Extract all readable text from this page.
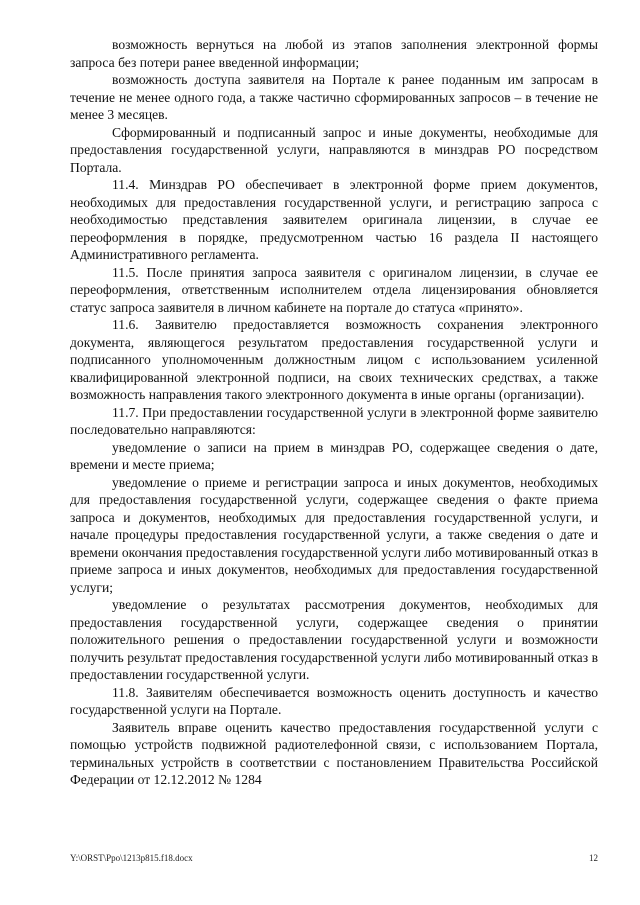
возможность вернуться на любой из этапов заполнения электронной формы запроса без потери ранее введенной информации;

возможность доступа заявителя на Портале к ранее поданным им запросам в течение не менее одного года, а также частично сформированных запросов – в течение не менее 3 месяцев.

Сформированный и подписанный запрос и иные документы, необходимые для предоставления государственной услуги, направляются в минздрав РО посредством Портала.

11.4. Минздрав РО обеспечивает в электронной форме прием документов, необходимых для предоставления государственной услуги, и регистрацию запроса с необходимостью представления заявителем оригинала лицензии, в случае ее переоформления в порядке, предусмотренном частью 16 раздела II настоящего Административного регламента.

11.5. После принятия запроса заявителя с оригиналом лицензии, в случае ее переоформления, ответственным исполнителем отдела лицензирования обновляется статус запроса заявителя в личном кабинете на портале до статуса «принято».

11.6. Заявителю предоставляется возможность сохранения электронного документа, являющегося результатом предоставления государственной услуги и подписанного уполномоченным должностным лицом с использованием усиленной квалифицированной электронной подписи, на своих технических средствах, а также возможность направления такого электронного документа в иные органы (организации).

11.7. При предоставлении государственной услуги в электронной форме заявителю последовательно направляются:

уведомление о записи на прием в минздрав РО, содержащее сведения о дате, времени и месте приема;

уведомление о приеме и регистрации запроса и иных документов, необходимых для предоставления государственной услуги, содержащее сведения о факте приема запроса и документов, необходимых для предоставления государственной услуги, и начале процедуры предоставления государственной услуги, а также сведения о дате и времени окончания предоставления государственной услуги либо мотивированный отказ в приеме запроса и иных документов, необходимых для предоставления государственной услуги;

уведомление о результатах рассмотрения документов, необходимых для предоставления государственной услуги, содержащее сведения о принятии положительного решения о предоставлении государственной услуги и возможности получить результат предоставления государственной услуги либо мотивированный отказ в предоставлении государственной услуги.

11.8. Заявителям обеспечивается возможность оценить доступность и качество государственной услуги на Портале.

Заявитель вправе оценить качество предоставления государственной услуги с помощью устройств подвижной радиотелефонной связи, с использованием Портала, терминальных устройств в соответствии с постановлением Правительства Российской Федерации от 12.12.2012 № 1284

Y:\ORST\Ppo\1213p815.f18.docx	12
